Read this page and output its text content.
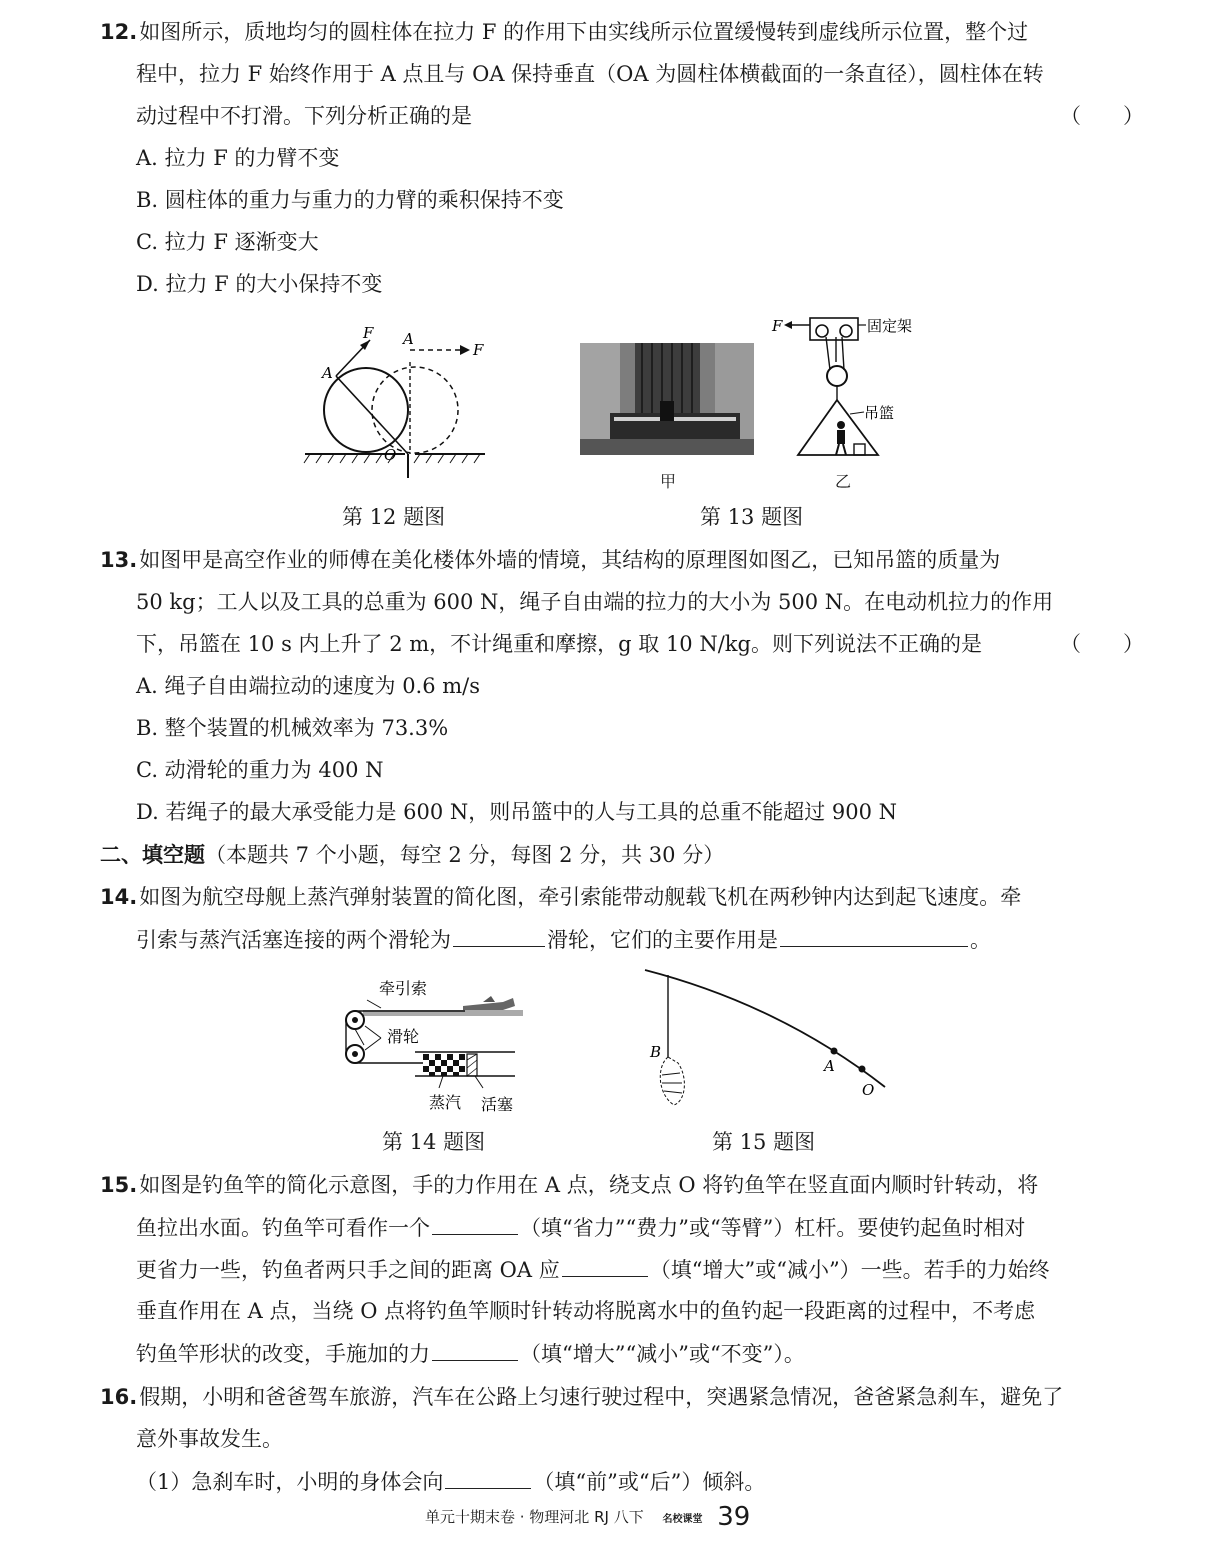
12.如图所示，质地均匀的圆柱体在拉力 F 的作用下由实线所示位置缓慢转到虚线所示位置，整个过
程中，拉力 F 始终作用于 A 点且与 OA 保持垂直（OA 为圆柱体横截面的一条直径），圆柱体在转
动过程中不打滑。下列分析正确的是	（　　）
A. 拉力 F 的力臂不变
B. 圆柱体的重力与重力的力臂的乘积保持不变
C. 拉力 F 逐渐变大
D. 拉力 F 的大小保持不变
F
A
A
F
O
第 12 题图
甲
F	固定架
吊篮
乙
第 13 题图
13.如图甲是高空作业的师傅在美化楼体外墙的情境，其结构的原理图如图乙，已知吊篮的质量为
50 kg；工人以及工具的总重为 600 N，绳子自由端的拉力的大小为 500 N。在电动机拉力的作用
下，吊篮在 10 s 内上升了 2 m，不计绳重和摩擦，g 取 10 N/kg。则下列说法不正确的是	（　　）
A. 绳子自由端拉动的速度为 0.6 m/s
B. 整个装置的机械效率为 73.3%
C. 动滑轮的重力为 400 N
D. 若绳子的最大承受能力是 600 N，则吊篮中的人与工具的总重不能超过 900 N
二、填空题（本题共 7 个小题，每空 2 分，每图 2 分，共 30 分）
14.如图为航空母舰上蒸汽弹射装置的简化图，牵引索能带动舰载飞机在两秒钟内达到起飞速度。牵
引索与蒸汽活塞连接的两个滑轮为	滑轮，它们的主要作用是	。
牵引索
滑轮
蒸汽 活塞
第 14 题图
B
A
O
第 15 题图
15.如图是钓鱼竿的简化示意图，手的力作用在 A 点，绕支点 O 将钓鱼竿在竖直面内顺时针转动，将
鱼拉出水面。钓鱼竿可看作一个	（填“省力”“费力”或“等臂”）杠杆。要使钓起鱼时相对
更省力一些，钓鱼者两只手之间的距离 OA 应	（填“增大”或“减小”）一些。若手的力始终
垂直作用在 A 点，当绕 O 点将钓鱼竿顺时针转动将脱离水中的鱼钓起一段距离的过程中，不考虑
钓鱼竿形状的改变，手施加的力	（填“增大”“减小”或“不变”）。
16.假期，小明和爸爸驾车旅游，汽车在公路上匀速行驶过程中，突遇紧急情况，爸爸紧急刹车，避免了
意外事故发生。
（1）急刹车时，小明的身体会向	（填“前”或“后”）倾斜。
单元十期末卷 · 物理河北 RJ 八下 名校课堂 39
